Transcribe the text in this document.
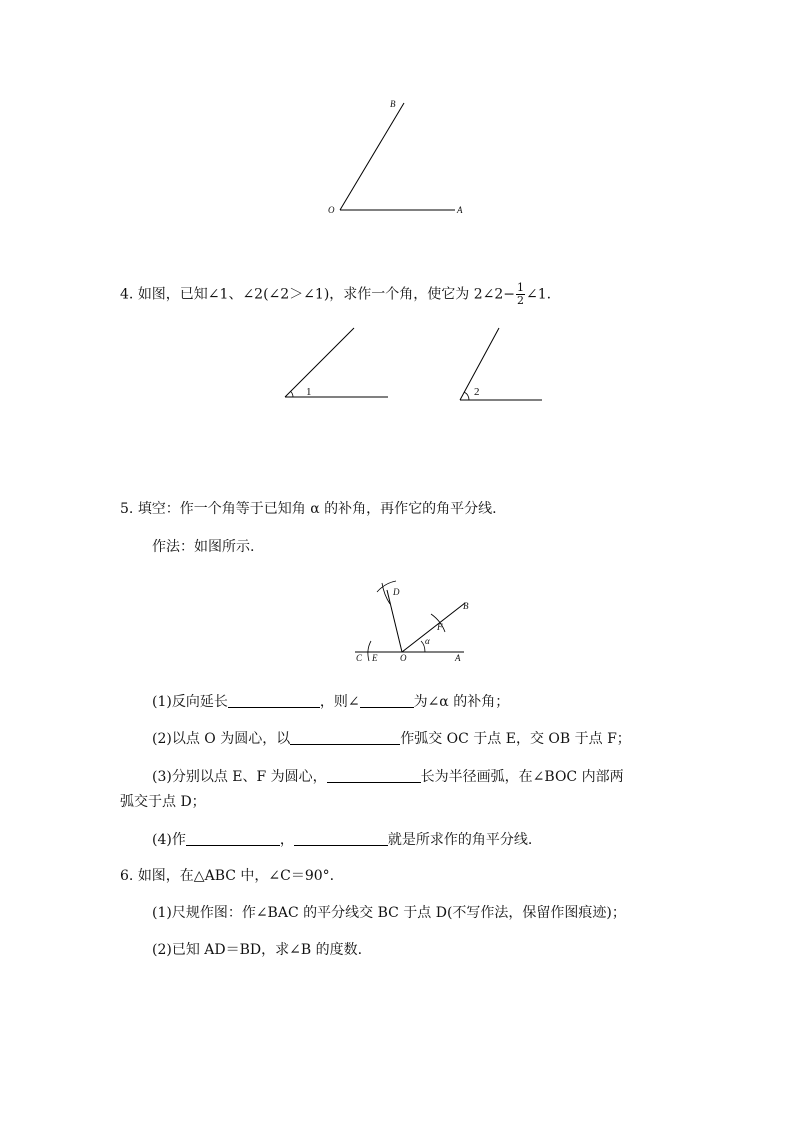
B
O	A
4. 如图，已知∠1、∠2(∠2＞∠1)，求作一个角，使它为 2∠2− $\frac{1}{2}$ ∠1.
1	2
5. 填空：作一个角等于已知角 α 的补角，再作它的角平分线.
作法：如图所示.
C E	O	A
B
D
F
α
(1)反向延长	，则∠	为∠α 的补角；
(2)以点 O 为圆心，以	作弧交 OC 于点 E，交 OB 于点 F；
(3)分别以点 E、F 为圆心，	长为半径画弧，在∠BOC 内部两
弧交于点 D；
(4)作	，	就是所求作的角平分线.
6. 如图，在△ABC 中，∠C＝90°.
(1)尺规作图：作∠BAC 的平分线交 BC 于点 D(不写作法，保留作图痕迹)；
(2)已知 AD＝BD，求∠B 的度数.
